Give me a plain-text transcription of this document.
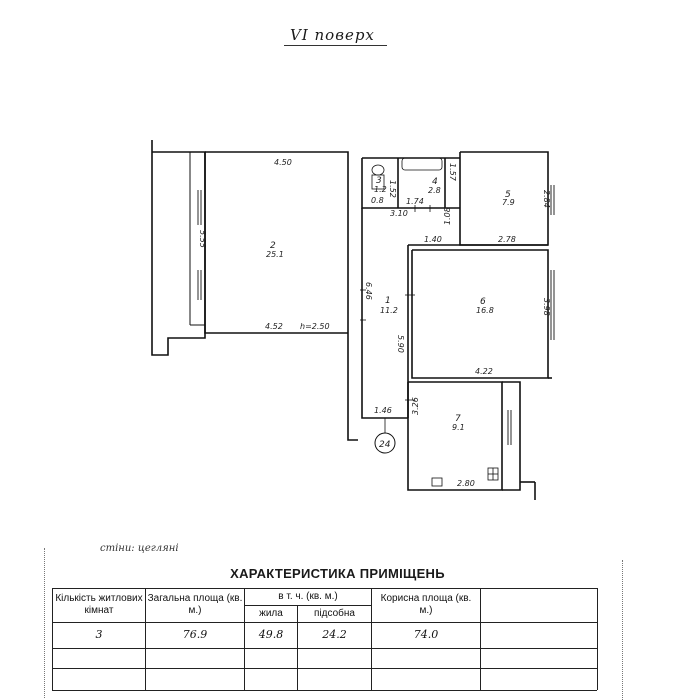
VI поверх
2
25.1
1
11.2
3
1.2
4
2.8	5
7.9
6
16.8
7
9.1
4.50
5.55
4.52 h=2.50
6.46
5.90
1.46
3.10
1.40
1.08
0.8	1.74
1.57
2.84
2.78
3.98
4.22
3.26
2.80
1.52
24
стіни: цегляні
ХАРАКТЕРИСТИКА ПРИМІЩЕНЬ
Кількість житлових кімнат
Загальна площа (кв. м.)
в т. ч. (кв. м.)
жила	підсобна
Корисна площа (кв. м.)
3	76.9	49.8	24.2	74.0
